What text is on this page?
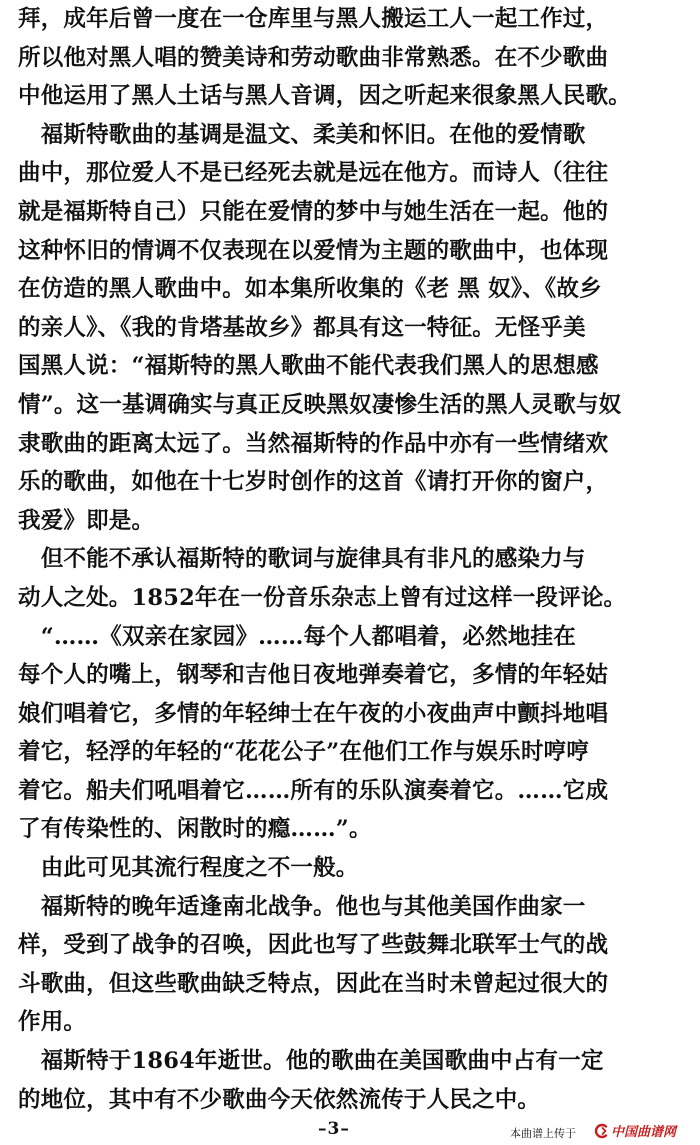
拜，成年后曾一度在一仓库里与黑人搬运工人一起工作过，
所以他对黑人唱的赞美诗和劳动歌曲非常熟悉。在不少歌曲
中他运用了黑人土话与黑人音调，因之听起来很象黑人民歌。
　福斯特歌曲的基调是温文、柔美和怀旧。在他的爱情歌
曲中，那位爱人不是已经死去就是远在他方。而诗人（往往
就是福斯特自己）只能在爱情的梦中与她生活在一起。他的
这种怀旧的情调不仅表现在以爱情为主题的歌曲中，也体现
在仿造的黑人歌曲中。如本集所收集的《老 黑 奴》、《故乡
的亲人》、《我的肯塔基故乡》都具有这一特征。无怪乎美
国黑人说：“福斯特的黑人歌曲不能代表我们黑人的思想感
情”。这一基调确实与真正反映黑奴凄惨生活的黑人灵歌与奴
隶歌曲的距离太远了。当然福斯特的作品中亦有一些情绪欢
乐的歌曲，如他在十七岁时创作的这首《请打开你的窗户，
我爱》即是。
　但不能不承认福斯特的歌词与旋律具有非凡的感染力与
动人之处。1852年在一份音乐杂志上曾有过这样一段评论。
　“……《双亲在家园》……每个人都唱着，必然地挂在
每个人的嘴上，钢琴和吉他日夜地弹奏着它，多情的年轻姑
娘们唱着它，多情的年轻绅士在午夜的小夜曲声中颤抖地唱
着它，轻浮的年轻的“花花公子”在他们工作与娱乐时哼哼
着它。船夫们吼唱着它……所有的乐队演奏着它。……它成
了有传染性的、闲散时的瘾……”。
　由此可见其流行程度之不一般。
　福斯特的晚年适逢南北战争。他也与其他美国作曲家一
样，受到了战争的召唤，因此也写了些鼓舞北联军士气的战
斗歌曲，但这些歌曲缺乏特点，因此在当时未曾起过很大的
作用。
　福斯特于1864年逝世。他的歌曲在美国歌曲中占有一定
的地位，其中有不少歌曲今天依然流传于人民之中。
–3–	本曲谱上传于	中国曲谱网
